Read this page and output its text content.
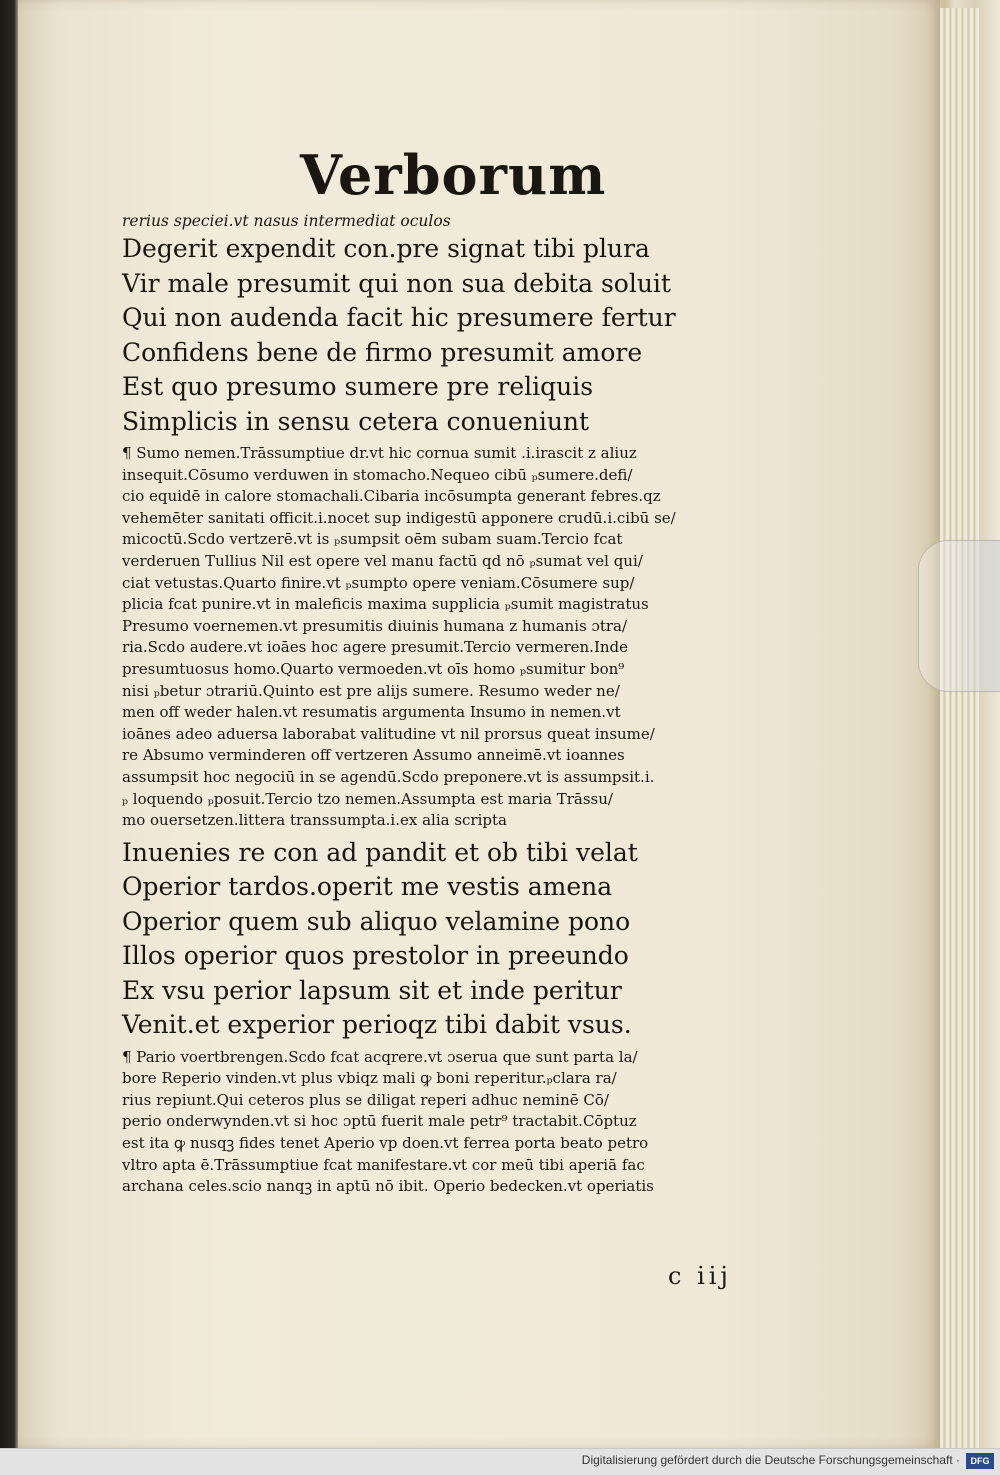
Verborum
rerius speciei.vt nasus intermediat oculos
Degerit expendit con.pre signat tibi plura
Vir male presumit qui non sua debita soluit
Qui non audenda facit hic presumere fertur
Confidens bene de firmo presumit amore
Est quo presumo sumere pre reliquis
Simplicis in sensu cetera conueniunt
¶ Sumo nemen.Trāssumptiue dr.vt hic cornua sumit .i.irascit z aliuz
insequit.Cōsumo verduwen in stomacho.Nequeo cibū ₚsumere.defi/
cio equidē in calore stomachali.Cibaria incōsumpta generant febres.qz
vehemēter sanitati officit.i.nocet sup indigestū apponere crudū.i.cibū se/
micoctū.Scdo vertzerē.vt is ₚsumpsit oēm subam suam.Tercio fcat
verderuen Tullius Nil est opere vel manu factū qd nō ₚsumat vel qui/
ciat vetustas.Quarto finire.vt ₚsumpto opere veniam.Cōsumere sup/
plicia fcat punire.vt in maleficis maxima supplicia ₚsumit magistratus
Presumo voernemen.vt presumitis diuinis humana z humanis ɔtra/
ria.Scdo audere.vt ioāes hoc agere presumit.Tercio vermeren.Inde
presumtuosus homo.Quarto vermoeden.vt oīs homo ₚsumitur bon⁹
nisi ₚbetur ɔtrariū.Quinto est pre alijs sumere. Resumo weder ne/
men off weder halen.vt resumatis argumenta Insumo in nemen.vt
ioānes adeo aduersa laborabat valitudine vt nil prorsus queat insume/
re Absumo verminderen off vertzeren Assumo anneimē.vt ioannes
assumpsit hoc negociū in se agendū.Scdo preponere.vt is assumpsit.i.
ₚ loquendo ₚposuit.Tercio tzo nemen.Assumpta est maria Trāssu/
mo ouersetzen.littera transsumpta.i.ex alia scripta
Inuenies re con ad pandit et ob tibi velat
Operior tardos.operit me vestis amena
Operior quem sub aliquo velamine pono
Illos operior quos prestolor in preeundo
Ex vsu perior lapsum sit et inde peritur
Venit.et experior perioqz tibi dabit vsus.
¶ Pario voertbrengen.Scdo fcat acqrere.vt ɔserua que sunt parta la/
bore Reperio vinden.vt plus vbiqz mali ꝙ boni reperitur.ₚclara ra/
rius repiunt.Qui ceteros plus se diligat reperi adhuc neminē Cō/
perio onderwynden.vt si hoc ɔptū fuerit male petr⁹ tractabit.Cōptuz
est ita ꝙ nusqꝫ fides tenet Aperio vp doen.vt ferrea porta beato petro
vltro apta ē.Trāssumptiue fcat manifestare.vt cor meū tibi aperiā fac
archana celes.scio nanqꝫ in aptū nō ibit. Operio bedecken.vt operiatis
c iij
Digitalisierung gefördert durch die Deutsche Forschungsgemeinschaft ·	DFG
